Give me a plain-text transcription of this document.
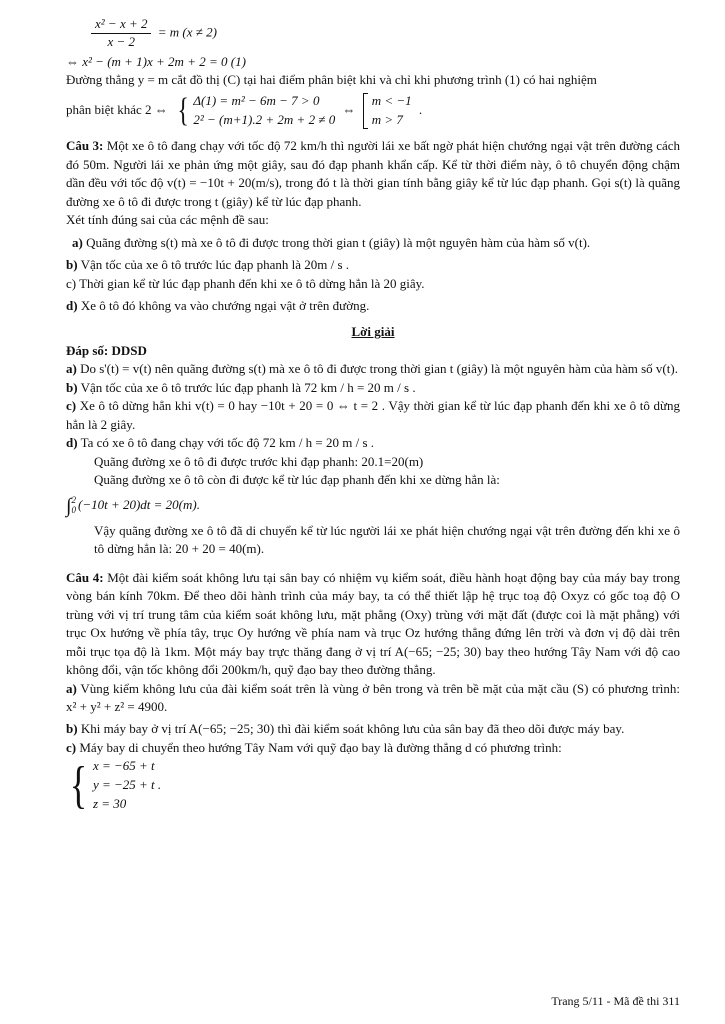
$\frac{\text{x² − x + 2}}{x - 2} = m$ (x ≠ 2)

⇔ x² − (m + 1)x + 2m + 2 = 0 (1)

Đường thẳng y = m cắt đồ thị (C) tại hai điểm phân biệt khi và chỉ khi phương trình (1) có hai nghiệm

phân biệt khác 2 ⇔ { Δ(1) = m² − 6m − 7 > 0
2² − (m+1).2 + 2m + 2 ≠ 0
⇔
m < −1
m > 7
.

Câu 3: Một xe ô tô đang chạy với tốc độ 72 km/h thì người lái xe bất ngờ phát hiện chướng ngại vật trên đường cách đó 50m. Người lái xe phản ứng một giây, sau đó đạp phanh khẩn cấp. Kể từ thời điểm này, ô tô chuyển động chậm dần đều với tốc độ v(t) = −10t + 20(m/s), trong đó t là thời gian tính bằng giây kể từ lúc đạp phanh. Gọi s(t) là quãng đường xe ô tô đi được trong t (giây) kể từ lúc đạp phanh.

Xét tính đúng sai của các mệnh đề sau:

a) Quãng đường s(t) mà xe ô tô đi được trong thời gian t (giây) là một nguyên hàm của hàm số v(t).

b) Vận tốc của xe ô tô trước lúc đạp phanh là 20m / s .

c) Thời gian kể từ lúc đạp phanh đến khi xe ô tô dừng hẳn là 20 giây.

d) Xe ô tô đó không va vào chướng ngại vật ở trên đường.

Lời giải

Đáp số: DDSD

a) Do s'(t) = v(t) nên quãng đường s(t) mà xe ô tô đi được trong thời gian t (giây) là một nguyên hàm của hàm số v(t).

b) Vận tốc của xe ô tô trước lúc đạp phanh là 72 km / h = 20 m / s .

c) Xe ô tô dừng hẳn khi v(t) = 0 hay −10t + 20 = 0 ⇔ t = 2 . Vậy thời gian kể từ lúc đạp phanh đến khi xe ô tô dừng hẳn là 2 giây.

d) Ta có xe ô tô đang chạy với tốc độ 72 km / h = 20 m / s .

Quãng đường xe ô tô đi được trước khi đạp phanh: 20.1=20(m)

Quãng đường xe ô tô còn đi được kể từ lúc đạp phanh đến khi xe dừng hẳn là:

∫ 2
0 (−10t + 20)dt = 20(m).

Vậy quãng đường xe ô tô đã di chuyển kể từ lúc người lái xe phát hiện chướng ngại vật trên đường đến khi xe ô tô dừng hẳn là: 20 + 20 = 40(m).

Câu 4: Một đài kiểm soát không lưu tại sân bay có nhiệm vụ kiểm soát, điều hành hoạt động bay của máy bay trong vòng bán kính 70km. Để theo dõi hành trình của máy bay, ta có thể thiết lập hệ trục toạ độ Oxyz có gốc toạ độ O trùng với vị trí trung tâm của kiểm soát không lưu, mặt phẳng (Oxy) trùng với mặt đất (được coi là mặt phẳng) với trục Ox hướng về phía tây, trục Oy hướng về phía nam và trục Oz hướng thẳng đứng lên trời và đơn vị độ dài trên mỗi trục tọa độ là 1km. Một máy bay trực thăng đang ở vị trí A(−65; −25; 30) bay theo hướng Tây Nam với độ cao không đổi, vận tốc không đổi 200km/h, quỹ đạo bay theo đường thẳng.

a) Vùng kiểm không lưu của đài kiểm soát trên là vùng ở bên trong và trên bề mặt của mặt cầu (S) có phương trình: x² + y² + z² = 4900.

b) Khi máy bay ở vị trí A(−65; −25; 30) thì đài kiểm soát không lưu của sân bay đã theo dõi được máy bay.

c) Máy bay di chuyển theo hướng Tây Nam với quỹ đạo bay là đường thẳng d có phương trình:

{ x = −65 + t
y = −25 + t .
z = 30
Trang 5/11 - Mã đề thi 311
